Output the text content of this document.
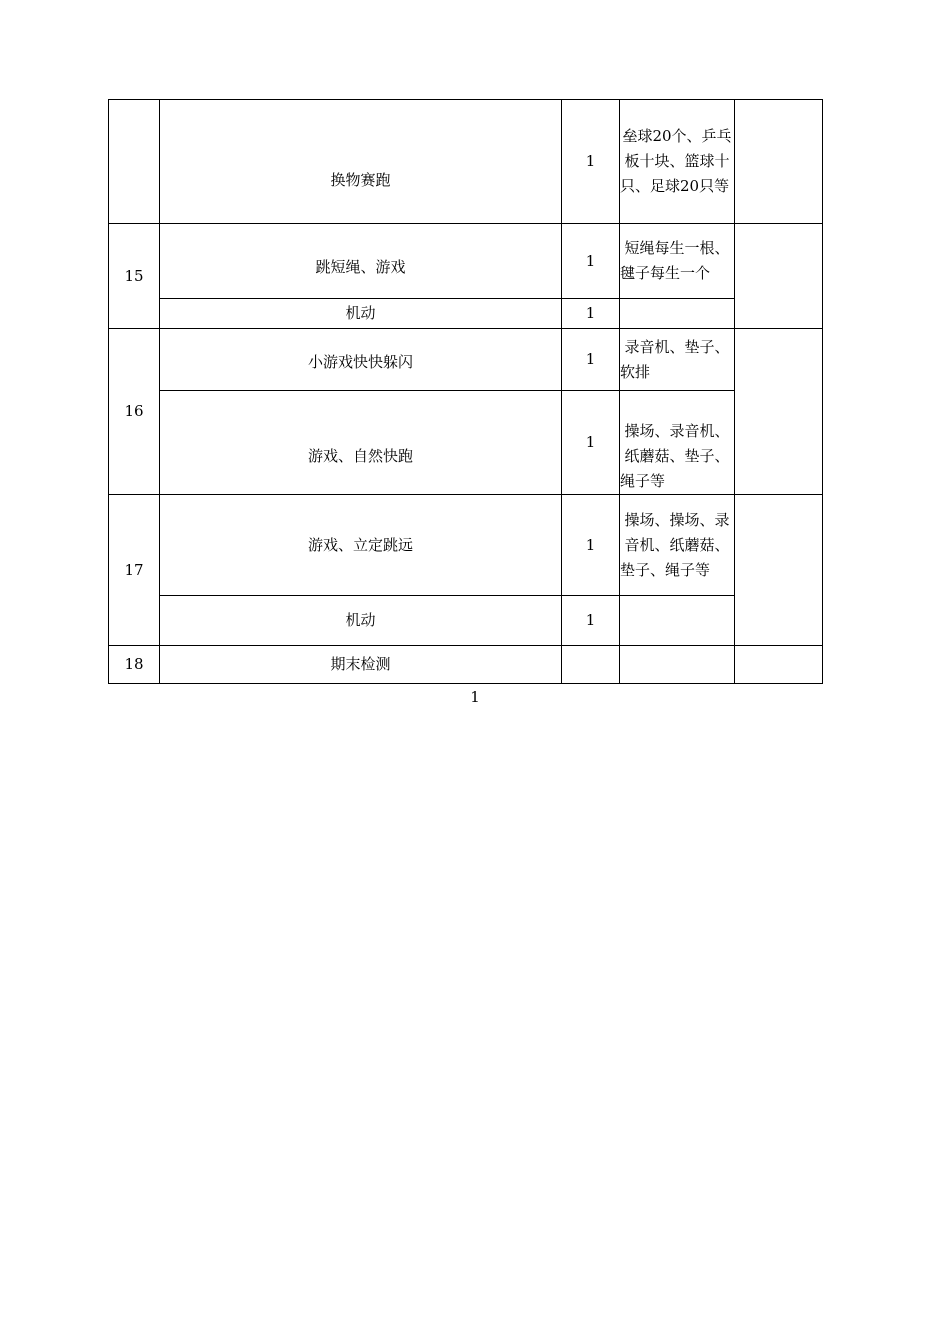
	换物赛跑	1	垒球20个、乒乓板十块、篮球十只、足球20只等	
15	跳短绳、游戏	1	短绳每生一根、毽子每生一个	
	机动	1		
16	小游戏快快躲闪	1	录音机、垫子、软排	

	游戏、自然快跑	1	操场、录音机、纸蘑菇、垫子、绳子等	
17	游戏、立定跳远	1	操场、操场、录音机、纸蘑菇、垫子、绳子等	
	机动	1		
18	期末检测			
1
